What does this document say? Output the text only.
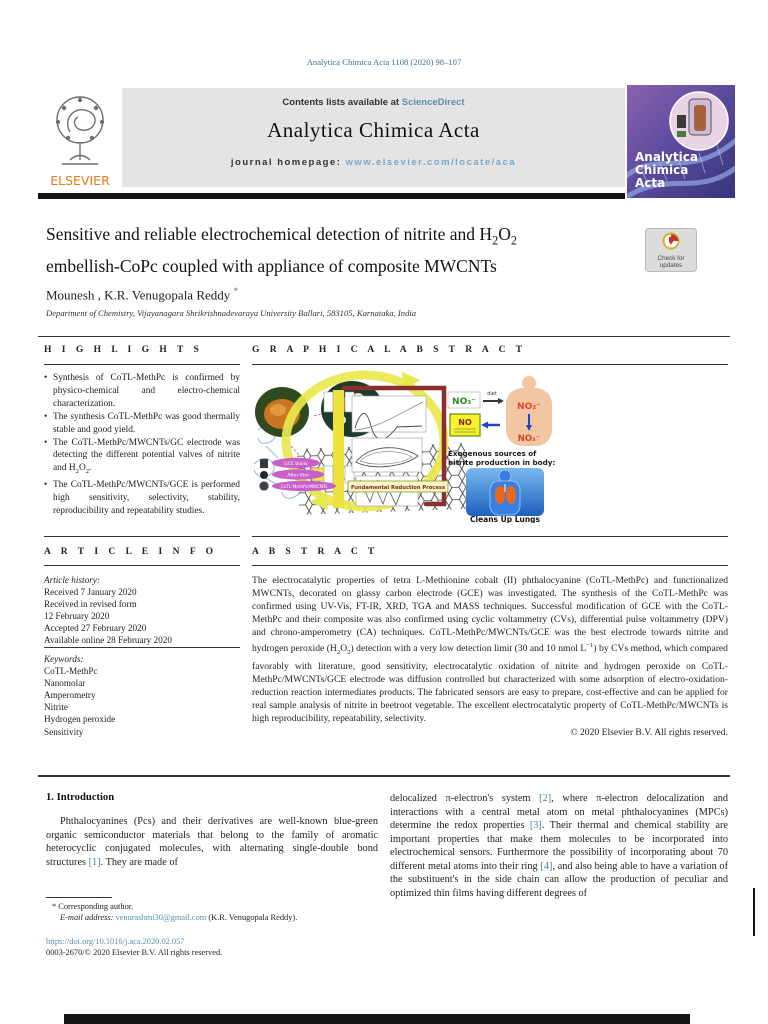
Analytica Chimica Acta 1108 (2020) 98–107
ELSEVIER
Contents lists available at ScienceDirect
Analytica Chimica Acta
journal homepage: www.elsevier.com/locate/aca	Analytica
Chimica
Acta
Sensitive and reliable electrochemical detection of nitrite and $H_2O_2$
embellish-CoPc coupled with appliance of composite MWCNTs	Check for
updates
Mounesh , K.R. Venugopala Reddy *
Department of Chemistry, Vijayanagara Shrikrishnadevaraya University Ballari, 583105, Karnataka, India
H I G H L I G H T S
• Synthesis of CoTL-MethPc is confirmed by physico-chemical and electro-chemical characterization.
• The synthesis CoTL-MethPc was good thermally stable and good yield.
• The CoTL-MethPc/MWCNTs/GC electrode was detecting the different potential valves of nitrite and $H_2O_2$.
• The CoTL-MethPc/MWCNTs/GCE is performed high sensitivity, selectivity, stability, reproducibility and repeatability studies.
G R A P H I C A L A B S T R A C T
NO₃⁻
diet
NO₂⁻
NO₃⁻
NO
Exogenous sources of
nitrite production in body:
Cleans Up Lungs
GCE blank
After film
CoTL-MethPc/MWCNTs	Fundamental Reduction Process
A R T I C L E I N F O
Article history:
Received 7 January 2020
Received in revised form
12 February 2020
Accepted 27 February 2020
Available online 28 February 2020
Keywords:
CoTL-MethPc
Nanomolar
Amperometry
Nitrite
Hydrogen peroxide
Sensitivity
A B S T R A C T
The electrocatalytic properties of tetra L-Methionine cobalt (II) phthalocyanine (CoTL-MethPc) and functionalized MWCNTs, decorated on glassy carbon electrode (GCE) was investigated. The synthesis of the CoTL-MethPc was confirmed using UV-Vis, FT-IR, XRD, TGA and MASS techniques. Successful modification of GCE with the CoTL-MethPc and their composite was also confirmed using cyclic voltammetry (CVs), differential pulse voltammetry (DPV) and chrono-amperometry (CA) techniques. CoTL-MethPc/MWCNTs/GCE was the best electrode towards nitrite and hydrogen peroxide $(H_2O_2)$ detection with a very low detection limit (30 and 10 nmol $L^{-1}$) by CVs method, which compared favorably with literature, good sensitivity, electrocatalytic oxidation of nitrite and hydrogen peroxide on CoTL-MethPc/MWCNTs/GCE electrode was diffusion controlled but characterized with some adsorption of electro-oxidation-reduction reaction intermediates products. The fabricated sensors are easy to prepare, cost-effective and can be applied for real sample analysis of nitrite in beetroot vegetable. The excellent electrocatalytic property of CoTL-MethPc/MWCNTs is high reproducibility, repeatability, selectivity.
© 2020 Elsevier B.V. All rights reserved.
1. Introduction
Phthalocyanines (Pcs) and their derivatives are well-known blue-green organic semiconductor materials that belong to the family of aromatic heterocyclic conjugated molecules, with alternating single-double bond structures [1]. They are made of
delocalized π-electron's system [2], where π-electron delocalization and interactions with a central metal atom on metal phthalocyanines (MPCs) determine the redox properties [3]. Their thermal and chemical stability are important properties that make them molecules to be incorporated into electrochemical sensors. Furthermore the possibility of incorporating about 70 different metal atoms into their ring [4], and also being able to have a variation of the substituent's in the side chain can allow the production of peculiar and optimized thin films having different degrees of
* Corresponding author.
E-mail address: venurashmi30@gmail.com (K.R. Venugopala Reddy).
https://doi.org/10.1016/j.aca.2020.02.057
0003-2670/© 2020 Elsevier B.V. All rights reserved.
